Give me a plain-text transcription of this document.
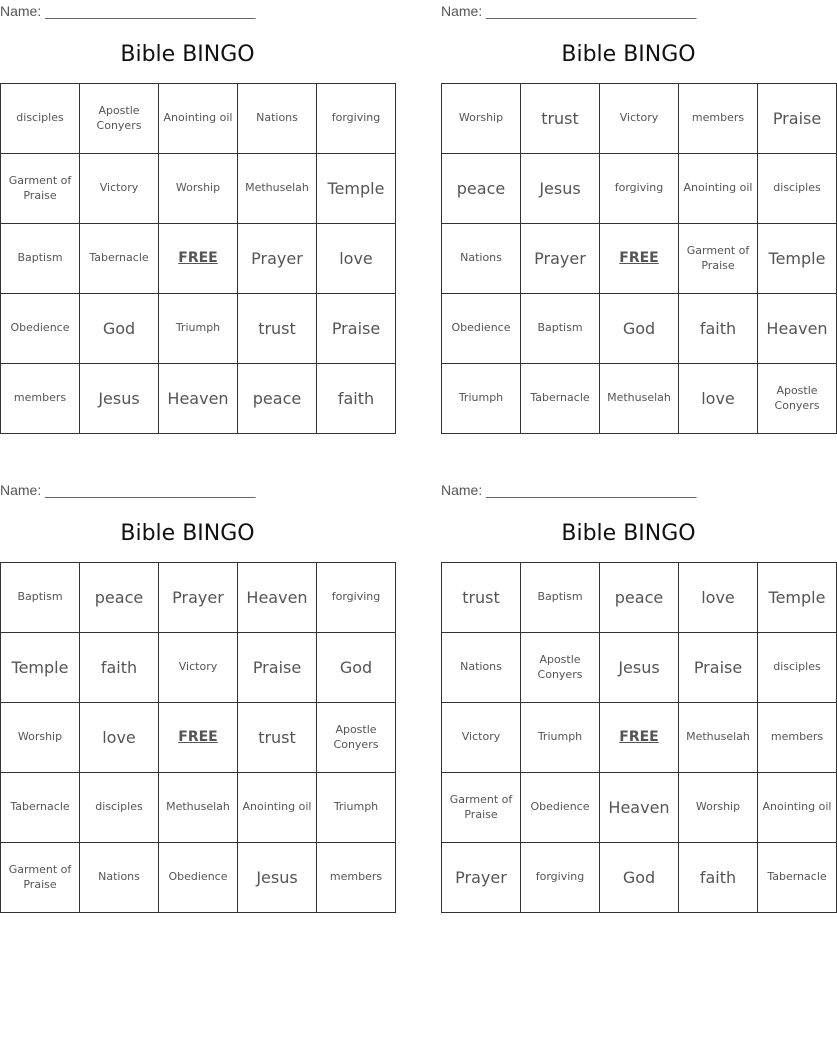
Name: ___________________________
Bible BINGO
disciples	Apostle Conyers	Anointing oil	Nations	forgiving
Garment of Praise	Victory	Worship	Methuselah	Temple
Baptism	Tabernacle	FREE	Prayer	love
Obedience	God	Triumph	trust	Praise
members	Jesus	Heaven	peace	faith
Name: ___________________________
Bible BINGO
Worship	trust	Victory	members	Praise
peace	Jesus	forgiving	Anointing oil	disciples
Nations	Prayer	FREE	Garment of Praise	Temple
Obedience	Baptism	God	faith	Heaven
Triumph	Tabernacle	Methuselah	love	Apostle Conyers
Name: ___________________________
Bible BINGO
Baptism	peace	Prayer	Heaven	forgiving
Temple	faith	Victory	Praise	God
Worship	love	FREE	trust	Apostle Conyers
Tabernacle	disciples	Methuselah	Anointing oil	Triumph
Garment of Praise	Nations	Obedience	Jesus	members
Name: ___________________________
Bible BINGO
trust	Baptism	peace	love	Temple
Nations	Apostle Conyers	Jesus	Praise	disciples
Victory	Triumph	FREE	Methuselah	members
Garment of Praise	Obedience	Heaven	Worship	Anointing oil
Prayer	forgiving	God	faith	Tabernacle
